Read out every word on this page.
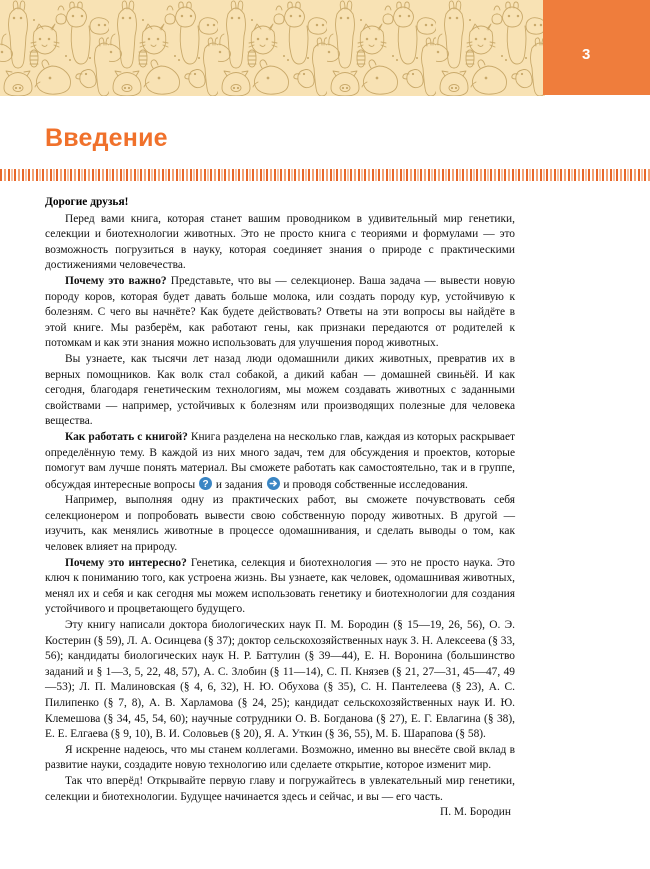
3
Введение

Дорогие друзья!

Перед вами книга, которая станет вашим проводником в удивительный мир генетики, селекции и биотехнологии животных. Это не просто книга с теориями и формулами — это возможность погрузиться в науку, которая соединяет знания о природе с практическими достижениями человечества.

Почему это важно? Представьте, что вы — селекционер. Ваша задача — вывести новую породу коров, которая будет давать больше молока, или создать породу кур, устойчивую к болезням. С чего вы начнёте? Как будете действовать? Ответы на эти вопросы вы найдёте в этой книге. Мы разберём, как работают гены, как признаки передаются от родителей к потомкам и как эти знания можно использовать для улучшения пород животных.

Вы узнаете, как тысячи лет назад люди одомашнили диких животных, превратив их в верных помощников. Как волк стал собакой, а дикий кабан — домашней свиньёй. И как сегодня, благодаря генетическим технологиям, мы можем создавать животных с заданными свойствами — например, устойчивых к болезням или производящих полезные для человека вещества.

Как работать с книгой? Книга разделена на несколько глав, каждая из которых раскрывает определённую тему. В каждой из них много задач, тем для обсуждения и проектов, которые помогут вам лучше понять материал. Вы сможете работать как самостоятельно, так и в группе, обсуждая интересные вопросы ? и задания
и проводя собственные исследования.

Например, выполняя одну из практических работ, вы сможете почувствовать себя селекционером и попробовать вывести свою собственную породу животных. В другой — изучить, как менялись животные в процессе одомашнивания, и сделать выводы о том, как человек влияет на природу.

Почему это интересно? Генетика, селекция и биотехнология — это не просто наука. Это ключ к пониманию того, как устроена жизнь. Вы узнаете, как человек, одомашнивая животных, менял их и себя и как сегодня мы можем использовать генетику и биотехнологии для создания устойчивого и процветающего будущего.

Эту книгу написали доктора биологических наук П. М. Бородин (§ 15—19, 26, 56), О. Э. Костерин (§ 59), Л. А. Осинцева (§ 37); доктор сельскохозяйственных наук З. Н. Алексеева (§ 33, 56); кандидаты биологических наук Н. Р. Баттулин (§ 39—44), Е. Н. Воронина (большинство заданий и § 1—3, 5, 22, 48, 57), А. С. Злобин (§ 11—14), С. П. Князев (§ 21, 27—31, 45—47, 49—53); Л. П. Малиновская (§ 4, 6, 32), Н. Ю. Обухова (§ 35), С. Н. Пантелеева (§ 23), А. С. Пилипенко (§ 7, 8), А. В. Харламова (§ 24, 25); кандидат сельскохозяйственных наук И. Ю. Клемешова (§ 34, 45, 54, 60); научные сотрудники О. В. Богданова (§ 27), Е. Г. Евлагина (§ 38), Е. Е. Елгаева (§ 9, 10), В. И. Соловьев (§ 20), Я. А. Уткин (§ 36, 55), М. Б. Шарапова (§ 58).

Я искренне надеюсь, что мы станем коллегами. Возможно, именно вы внесёте свой вклад в развитие науки, создадите новую технологию или сделаете открытие, которое изменит мир.

Так что вперёд! Открывайте первую главу и погружайтесь в увлекательный мир генетики, селекции и биотехнологии. Будущее начинается здесь и сейчас, и вы — его часть.

П. М. Бородин
